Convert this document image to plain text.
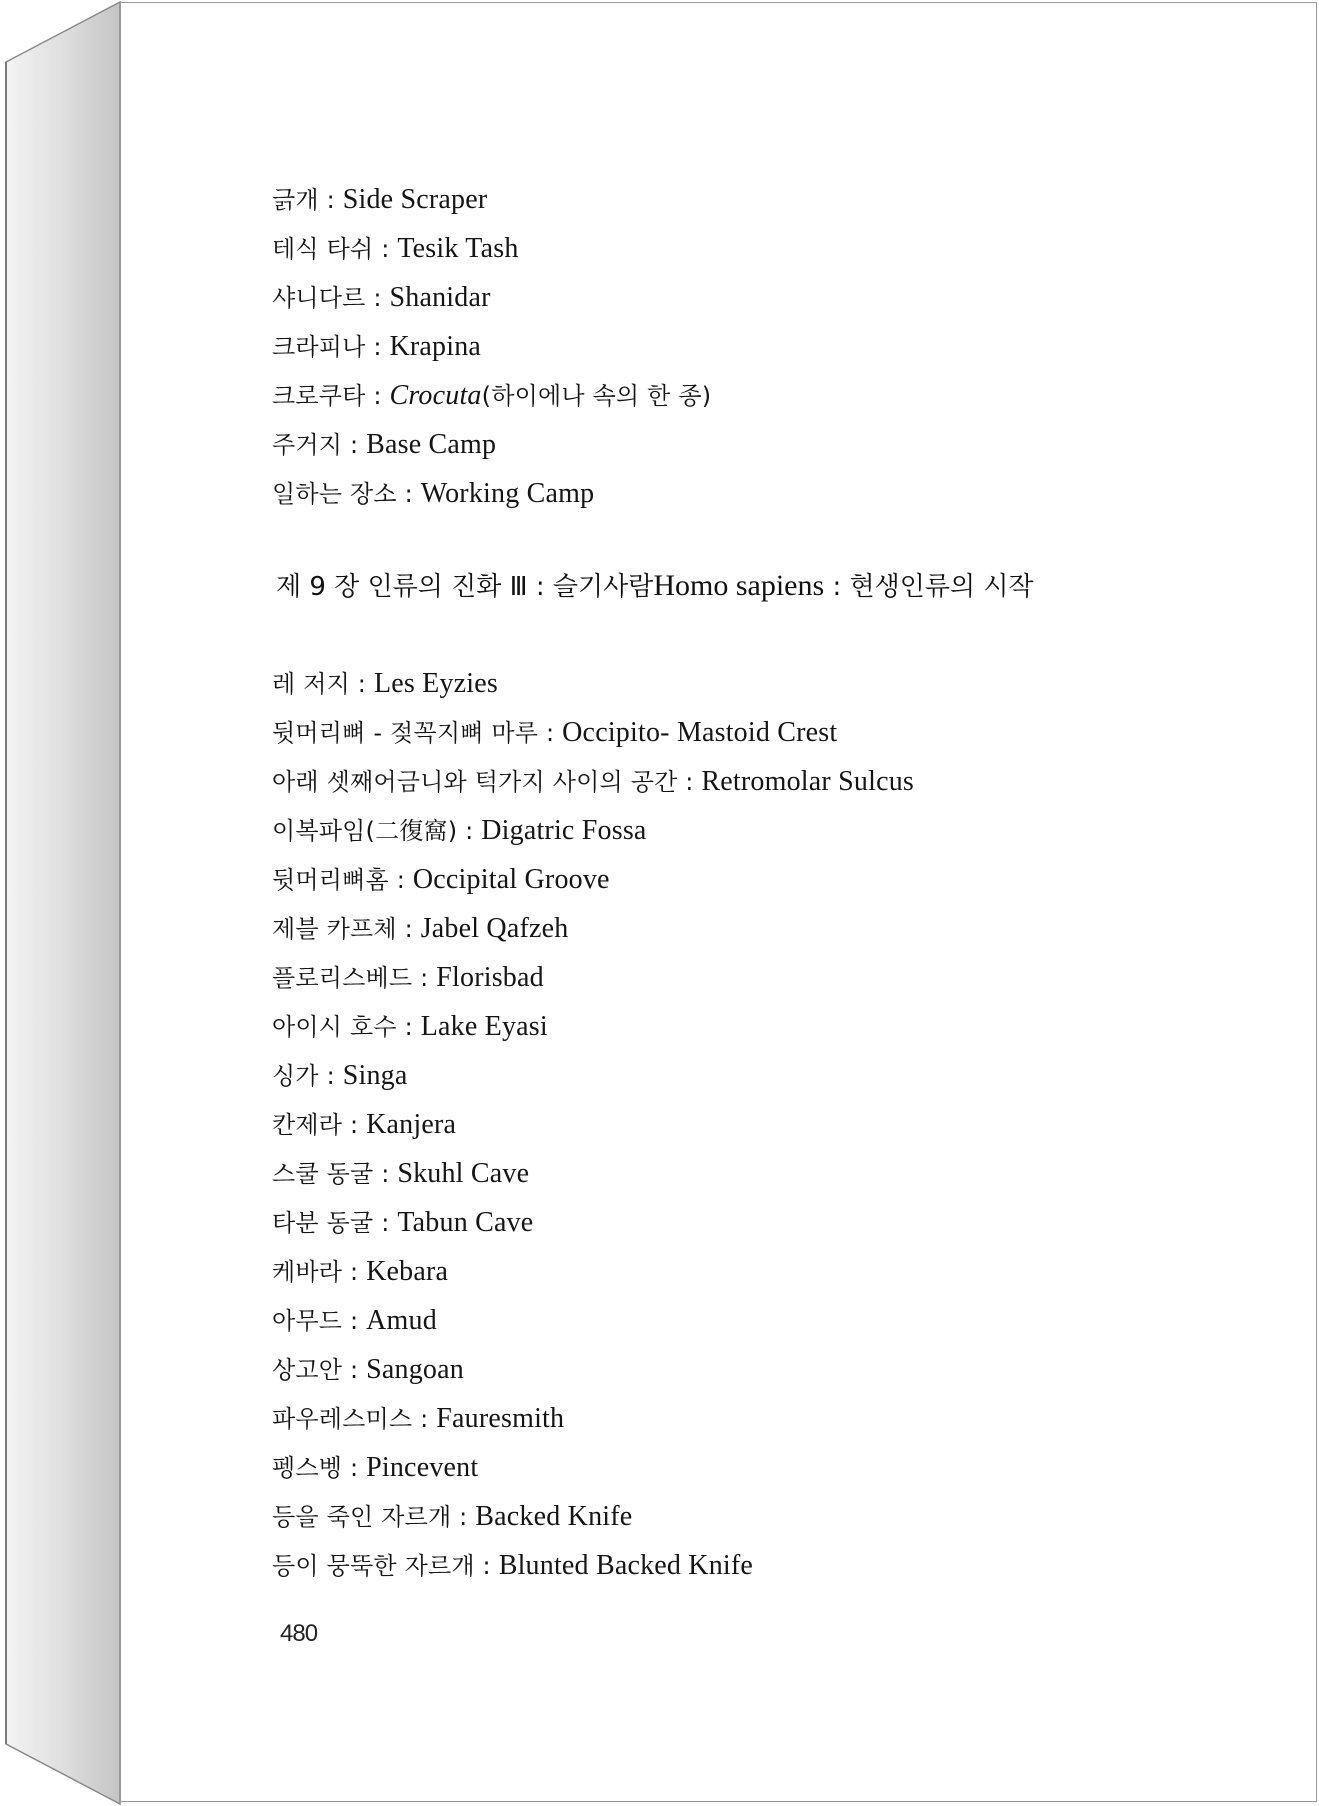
긁개 : Side Scraper
테식 타쉬 : Tesik Tash
샤니다르 : Shanidar
크라피나 : Krapina
크로쿠타 : Crocuta(하이에나 속의 한 종)
주거지 : Base Camp
일하는 장소 : Working Camp
제 9 장 인류의 진화 Ⅲ : 슬기사람Homo sapiens : 현생인류의 시작
레 저지 : Les Eyzies
뒷머리뼈 - 젖꼭지뼈 마루 : Occipito- Mastoid Crest
아래 셋째어금니와 턱가지 사이의 공간 : Retromolar Sulcus
이복파임(二復窩) : Digatric Fossa
뒷머리뼈홈 : Occipital Groove
제블 카프체 : Jabel Qafzeh
플로리스베드 : Florisbad
아이시 호수 : Lake Eyasi
싱가 : Singa
칸제라 : Kanjera
스쿨 동굴 : Skuhl Cave
타분 동굴 : Tabun Cave
케바라 : Kebara
아무드 : Amud
상고안 : Sangoan
파우레스미스 : Fauresmith
펭스벵 : Pincevent
등을 죽인 자르개 : Backed Knife
등이 뭉뚝한 자르개 : Blunted Backed Knife
480
